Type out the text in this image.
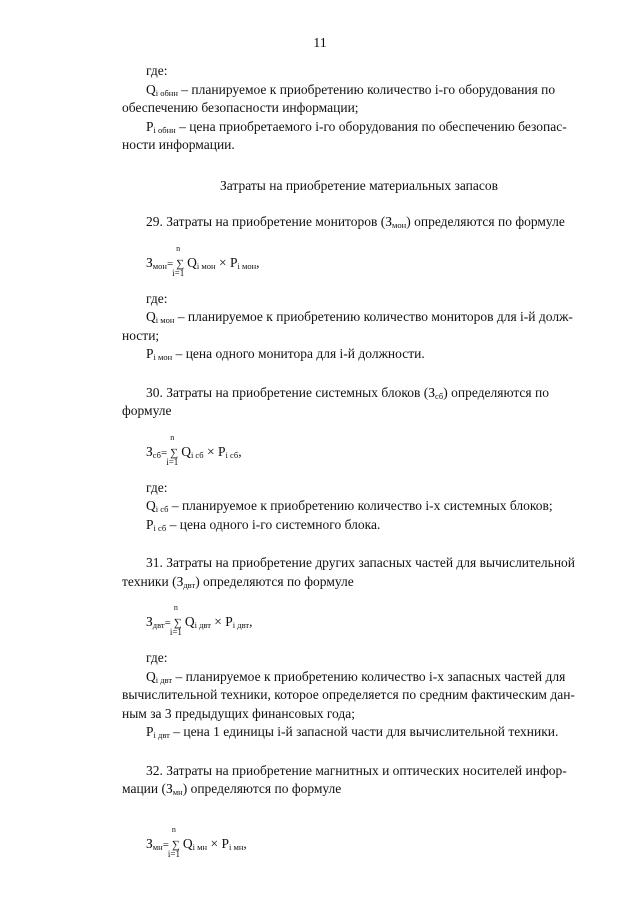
11

где:

$Q_{i обнн}$ – планируемое к приобретению количество i-го оборудования по

обеспечению безопасности информации;

$P_{i обнн}$ – цена приобретаемого i-го оборудования по обеспечению безопас-

ности информации.

Затраты на приобретение материальных запасов

29. Затраты на приобретение мониторов $(З_{мон})$ определяются по формуле

$З_{мон}=$
n
∑
i=1
$Q_{i мон} \times P_{i мон}$,

где:

$Q_{i мон}$ – планируемое к приобретению количество мониторов для i-й долж-

ности;

$P_{i мон}$ – цена одного монитора для i-й должности.

30. Затраты на приобретение системных блоков $(З_{сб})$ определяются по

формуле

$З_{сб}=$
n
∑
i=1
$Q_{i сб} \times P_{i сб}$,

где:

$Q_{i сб}$ – планируемое к приобретению количество i-х системных блоков;

$P_{i сб}$ – цена одного i-го системного блока.

31. Затраты на приобретение других запасных частей для вычислительной

техники $(З_{двт})$ определяются по формуле

$З_{двт}=$
n
∑
i=1
$Q_{i двт} \times P_{i двт}$,

где:

$Q_{i двт}$ – планируемое к приобретению количество i-х запасных частей для

вычислительной техники, которое определяется по средним фактическим дан-

ным за 3 предыдущих финансовых года;

$P_{i двт}$ – цена 1 единицы i-й запасной части для вычислительной техники.

32. Затраты на приобретение магнитных и оптических носителей инфор-

мации $(З_{мн})$ определяются по формуле

$З_{мн}=$
n
∑
i=1
$Q_{i мн} \times P_{i мн}$,
